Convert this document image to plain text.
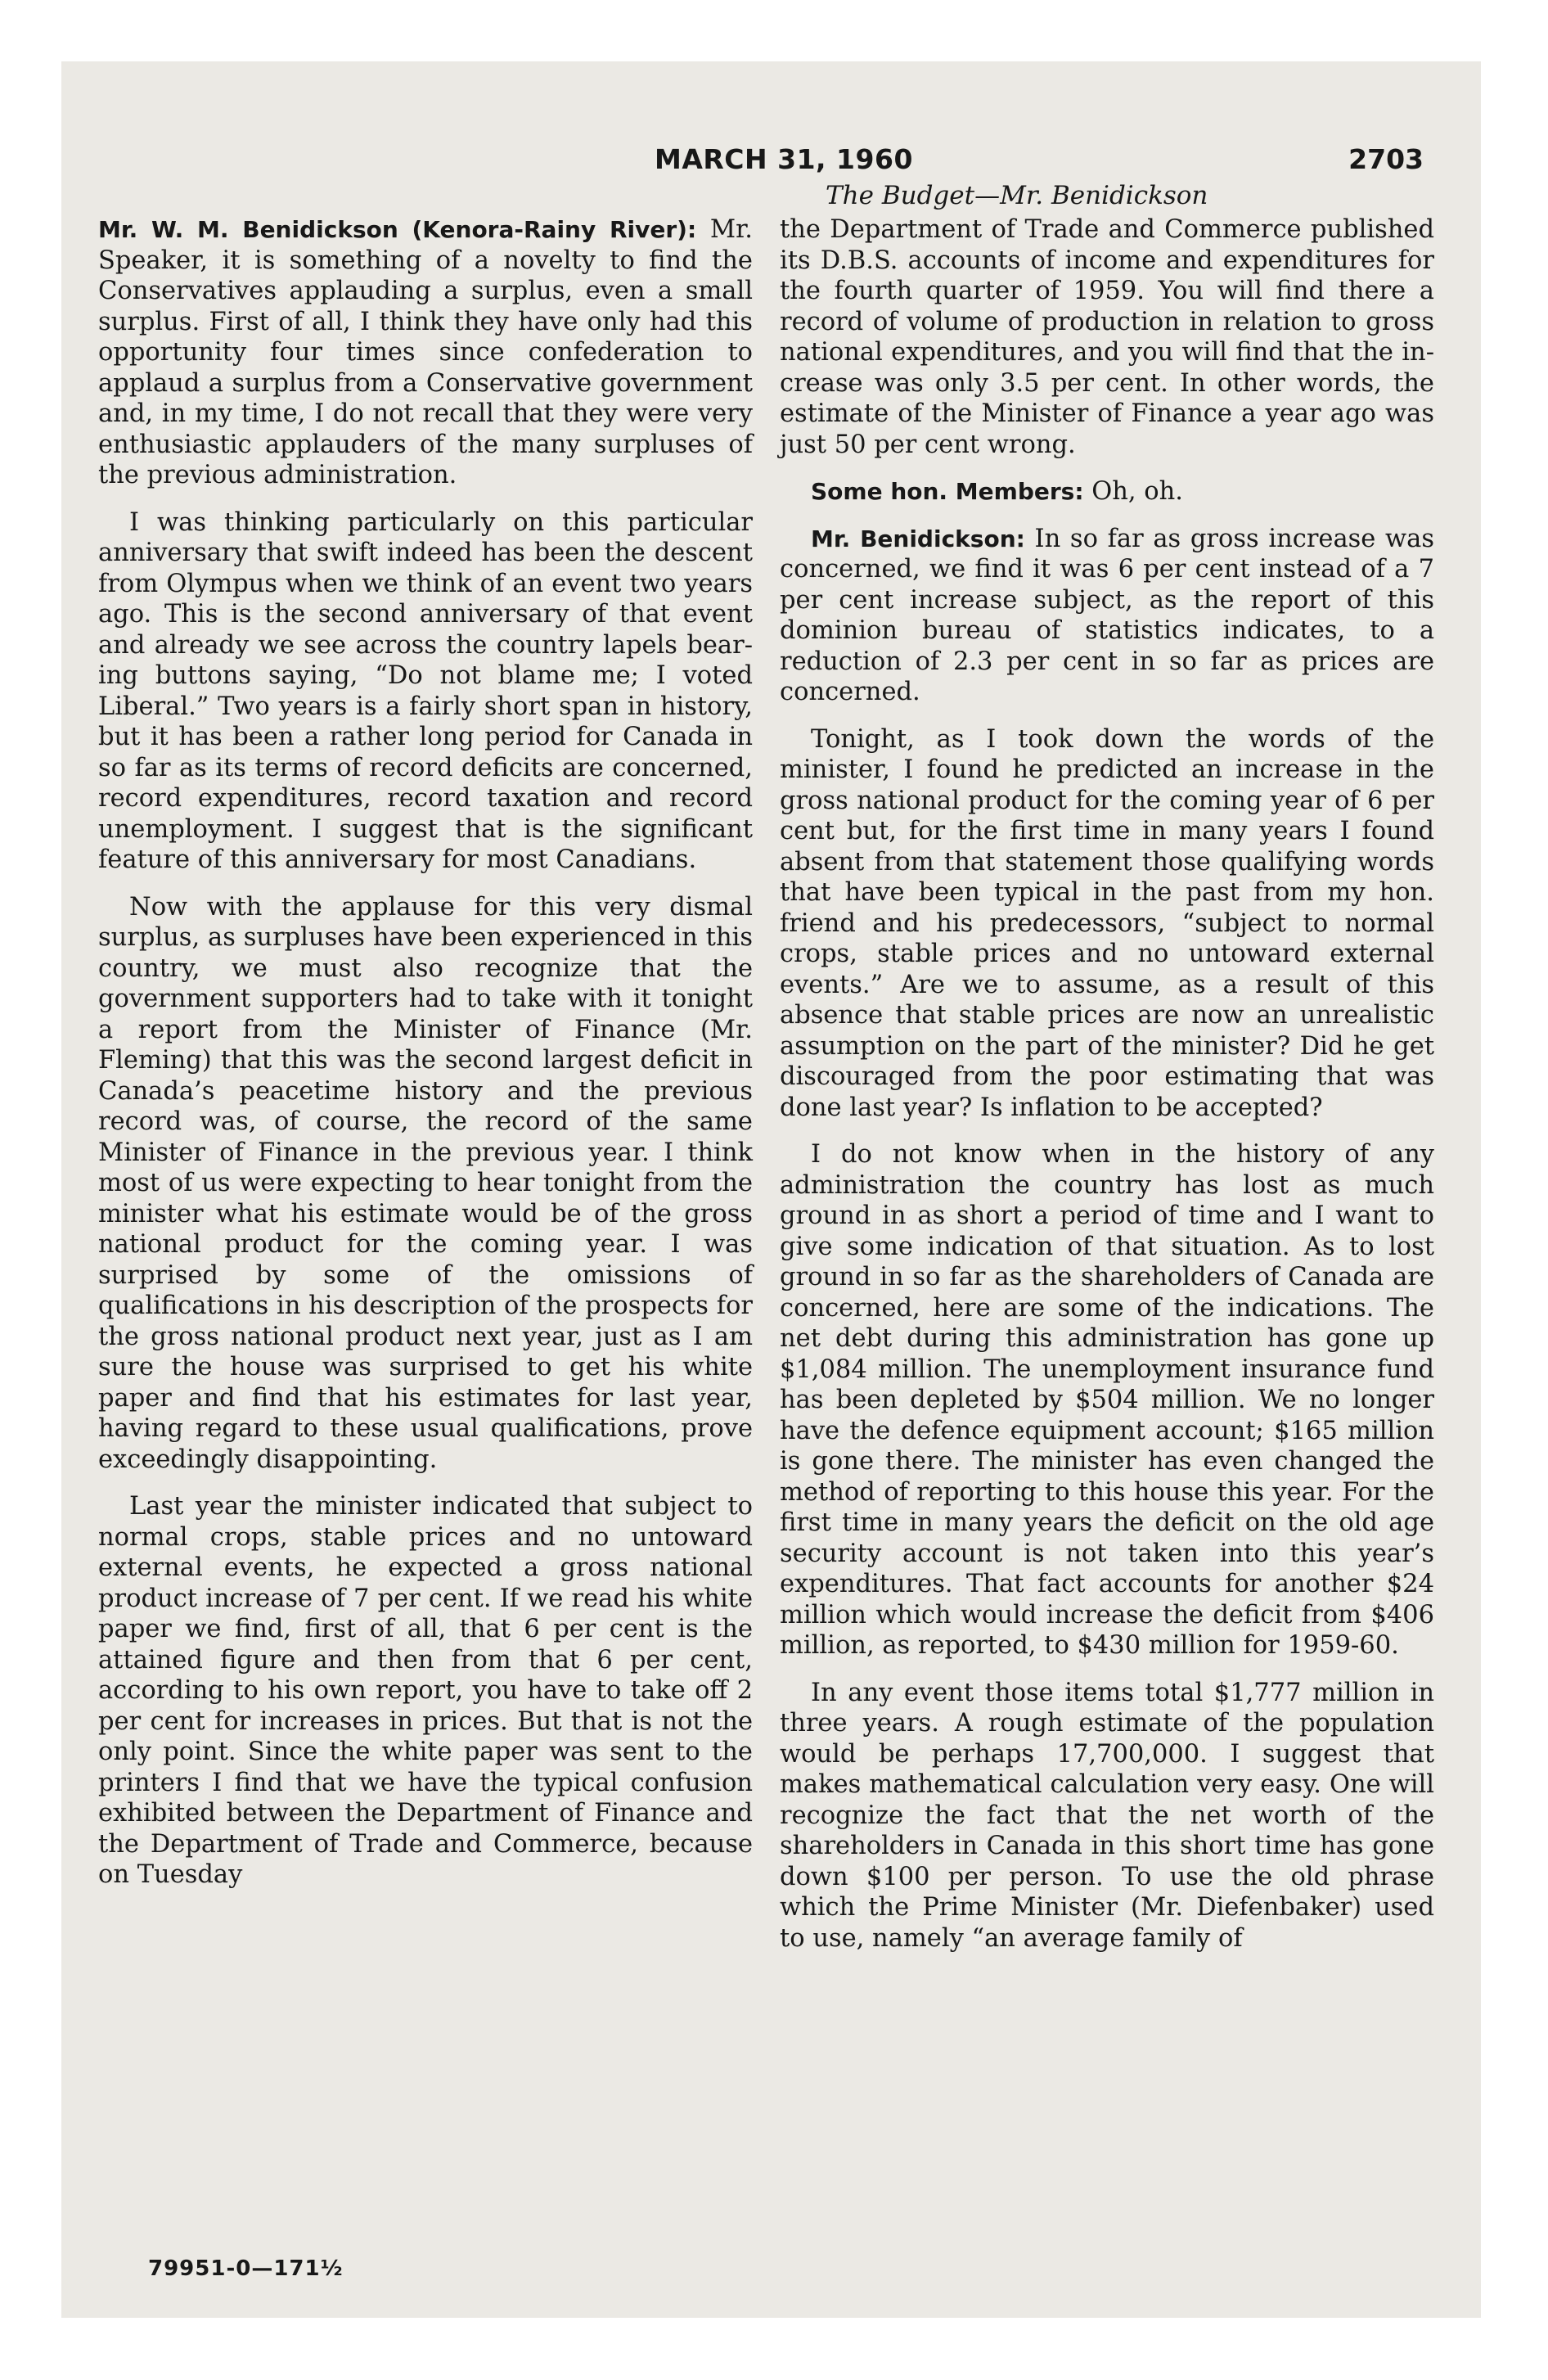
MARCH 31, 1960	2703
The Budget—Mr. Benidickson

Mr. W. M. Benidickson (Kenora-Rainy River): Mr. Speaker, it is something of a novelty to find the Conservatives applauding a surplus, even a small surplus. First of all, I think they have only had this opportunity four times since confederation to applaud a surplus from a Conservative government and, in my time, I do not recall that they were very enthusiastic applauders of the many surpluses of the previous administration.

I was thinking particularly on this particular anniversary that swift indeed has been the descent from Olympus when we think of an event two years ago. This is the second anniversary of that event and already we see across the country lapels bearing buttons saying, “Do not blame me; I voted Liberal.” Two years is a fairly short span in history, but it has been a rather long period for Canada in so far as its terms of record deficits are concerned, record expenditures, record taxation and record unemployment. I suggest that is the significant feature of this anniversary for most Canadians.

Now with the applause for this very dismal surplus, as surpluses have been experienced in this country, we must also recognize that the government supporters had to take with it tonight a report from the Minister of Finance (Mr. Fleming) that this was the second largest deficit in Canada’s peacetime history and the previous record was, of course, the record of the same Minister of Finance in the previous year. I think most of us were expecting to hear tonight from the minister what his estimate would be of the gross national product for the coming year. I was surprised by some of the omissions of qualifications in his description of the prospects for the gross national product next year, just as I am sure the house was surprised to get his white paper and find that his estimates for last year, having regard to these usual qualifications, prove exceedingly disappointing.

Last year the minister indicated that subject to normal crops, stable prices and no untoward external events, he expected a gross national product increase of 7 per cent. If we read his white paper we find, first of all, that 6 per cent is the attained figure and then from that 6 per cent, according to his own report, you have to take off 2 per cent for increases in prices. But that is not the only point. Since the white paper was sent to the printers I find that we have the typical confusion exhibited between the Department of Finance and the Department of Trade and Commerce, because on Tuesday

the Department of Trade and Commerce published its D.B.S. accounts of income and expenditures for the fourth quarter of 1959. You will find there a record of volume of production in relation to gross national expenditures, and you will find that the increase was only 3.5 per cent. In other words, the estimate of the Minister of Finance a year ago was just 50 per cent wrong.

Some hon. Members: Oh, oh.

Mr. Benidickson: In so far as gross increase was concerned, we find it was 6 per cent instead of a 7 per cent increase subject, as the report of this dominion bureau of statistics indicates, to a reduction of 2.3 per cent in so far as prices are concerned.

Tonight, as I took down the words of the minister, I found he predicted an increase in the gross national product for the coming year of 6 per cent but, for the first time in many years I found absent from that statement those qualifying words that have been typical in the past from my hon. friend and his predecessors, “subject to normal crops, stable prices and no untoward external events.” Are we to assume, as a result of this absence that stable prices are now an unrealistic assumption on the part of the minister? Did he get discouraged from the poor estimating that was done last year? Is inflation to be accepted?

I do not know when in the history of any administration the country has lost as much ground in as short a period of time and I want to give some indication of that situation. As to lost ground in so far as the shareholders of Canada are concerned, here are some of the indications. The net debt during this administration has gone up $1,084 million. The unemployment insurance fund has been depleted by $504 million. We no longer have the defence equipment account; $165 million is gone there. The minister has even changed the method of reporting to this house this year. For the first time in many years the deficit on the old age security account is not taken into this year’s expenditures. That fact accounts for another $24 million which would increase the deficit from $406 million, as reported, to $430 million for 1959-60.

In any event those items total $1,777 million in three years. A rough estimate of the population would be perhaps 17,700,000. I suggest that makes mathematical calculation very easy. One will recognize the fact that the net worth of the shareholders in Canada in this short time has gone down $100 per person. To use the old phrase which the Prime Minister (Mr. Diefenbaker) used to use, namely “an average family of

79951-0—171½
